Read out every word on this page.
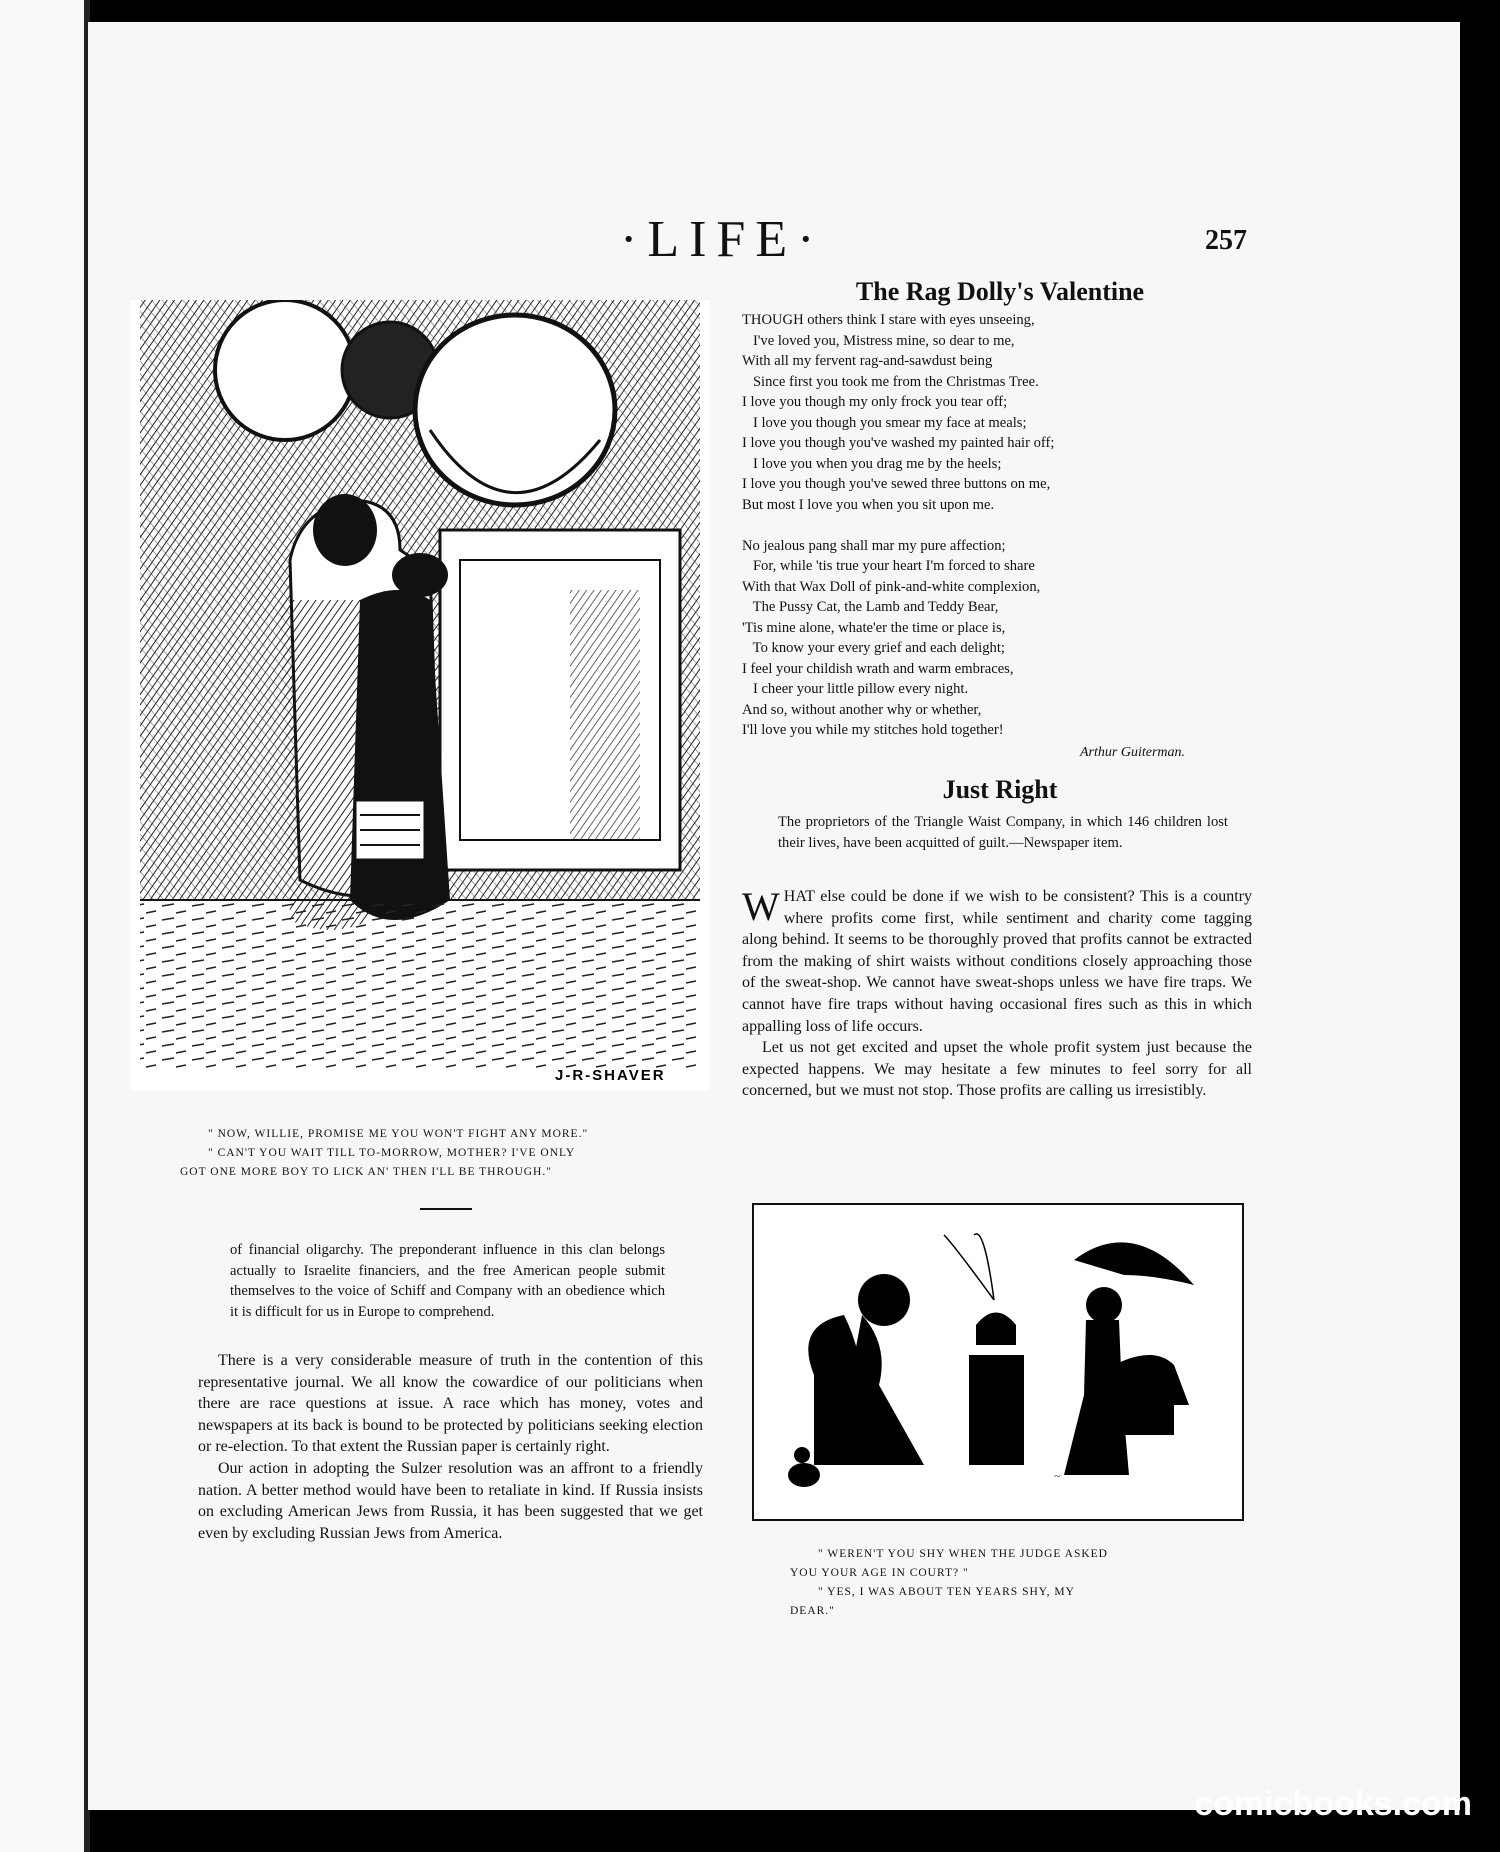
·LIFE·	257
J-R-SHAVER
" NOW, WILLIE, PROMISE ME YOU WON'T FIGHT ANY MORE."
" CAN'T YOU WAIT TILL TO-MORROW, MOTHER? I'VE ONLY
GOT ONE MORE BOY TO LICK AN' THEN I'LL BE THROUGH."

of financial oligarchy. The preponderant influence in this clan belongs actually to Israelite financiers, and the free American people submit themselves to the voice of Schiff and Company with an obedience which it is difficult for us in Europe to comprehend.

There is a very considerable measure of truth in the contention of this representative journal. We all know the cowardice of our politicians when there are race questions at issue. A race which has money, votes and newspapers at its back is bound to be protected by politicians seeking election or re-election. To that extent the Russian paper is certainly right.

Our action in adopting the Sulzer resolution was an affront to a friendly nation. A better method would have been to retaliate in kind. If Russia insists on excluding American Jews from Russia, it has been suggested that we get even by excluding Russian Jews from America.

The Rag Dolly's Valentine
THOUGH others think I stare with eyes unseeing,
I've loved you, Mistress mine, so dear to me,
With all my fervent rag-and-sawdust being
Since first you took me from the Christmas Tree.
I love you though my only frock you tear off;
I love you though you smear my face at meals;
I love you though you've washed my painted hair off;
I love you when you drag me by the heels;
I love you though you've sewed three buttons on me,
But most I love you when you sit upon me.

No jealous pang shall mar my pure affection;
For, while 'tis true your heart I'm forced to share
With that Wax Doll of pink-and-white complexion,
The Pussy Cat, the Lamb and Teddy Bear,
'Tis mine alone, whate'er the time or place is,
To know your every grief and each delight;
I feel your childish wrath and warm embraces,
I cheer your little pillow every night.
And so, without another why or whether,
I'll love you while my stitches hold together!
Arthur Guiterman.
Just Right
The proprietors of the Triangle Waist Company, in which 146 children lost their lives, have been acquitted of guilt.—Newspaper item.

WHAT else could be done if we wish to be consistent? This is a country where profits come first, while sentiment and charity come tagging along behind. It seems to be thoroughly proved that profits cannot be extracted from the making of shirt waists without conditions closely approaching those of the sweat-shop. We cannot have sweat-shops unless we have fire traps. We cannot have fire traps without having occasional fires such as this in which appalling loss of life occurs.

Let us not get excited and upset the whole profit system just because the expected happens. We may hesitate a few minutes to feel sorry for all concerned, but we must not stop. Those profits are calling us irresistibly.

~
" WEREN'T YOU SHY WHEN THE JUDGE ASKED
YOU YOUR AGE IN COURT? "
" YES, I WAS ABOUT TEN YEARS SHY, MY
DEAR."
comicbooks.com
